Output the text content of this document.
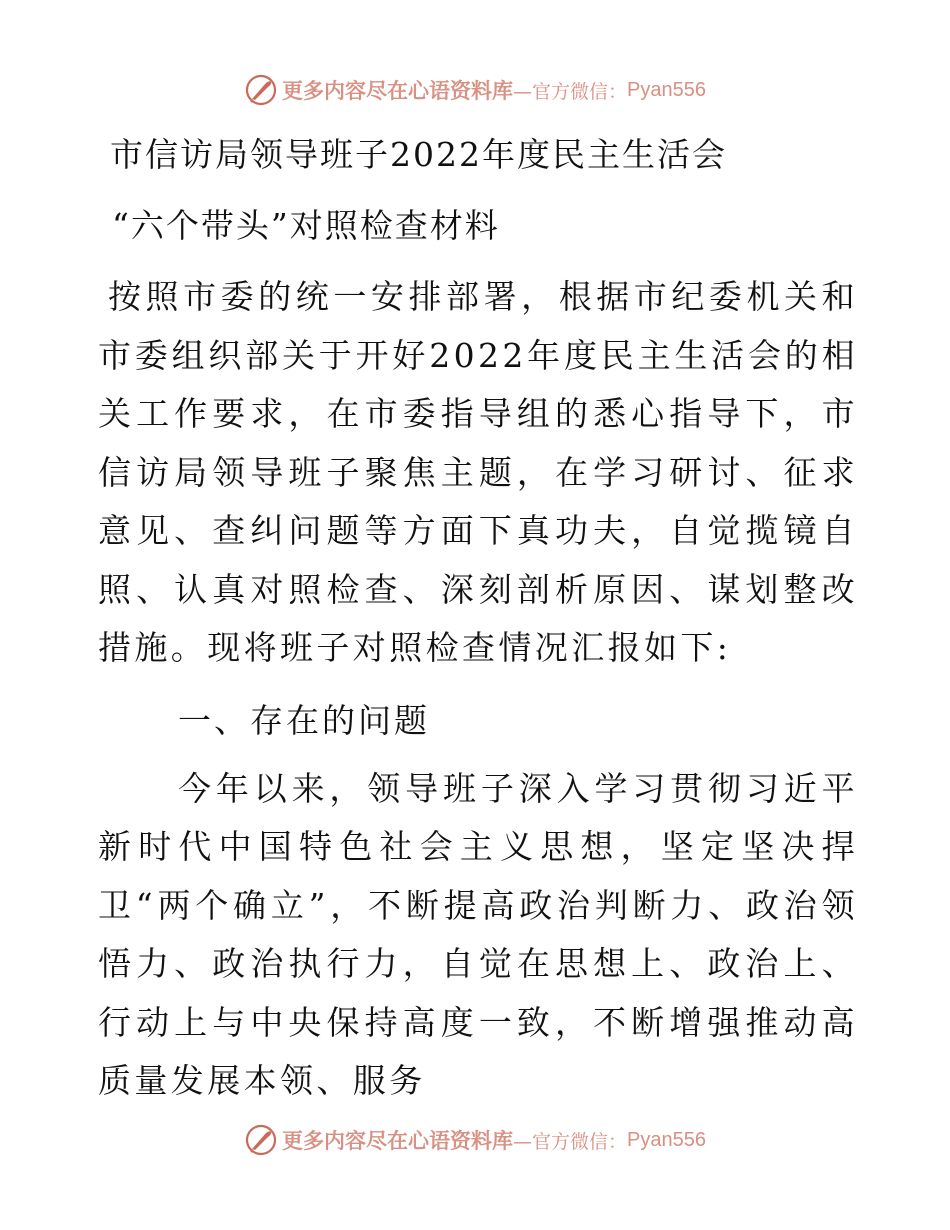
更多内容尽在心语资料库 —官方微信： Pyan556
市信访局领导班子2022年度民主生活会
“六个带头”对照检查材料

按照市委的统一安排部署，根据市纪委机关和市委组织部关于开好2022年度民主生活会的相关工作要求，在市委指导组的悉心指导下，市信访局领导班子聚焦主题，在学习研讨、征求意见、查纠问题等方面下真功夫，自觉揽镜自照、认真对照检查、深刻剖析原因、谋划整改措施。现将班子对照检查情况汇报如下:

一、存在的问题

今年以来，领导班子深入学习贯彻习近平新时代中国特色社会主义思想，坚定坚决捍卫“两个确立”，不断提高政治判断力、政治领悟力、政治执行力，自觉在思想上、政治上、行动上与中央保持高度一致，不断增强推动高质量发展本领、服务

更多内容尽在心语资料库 —官方微信： Pyan556
